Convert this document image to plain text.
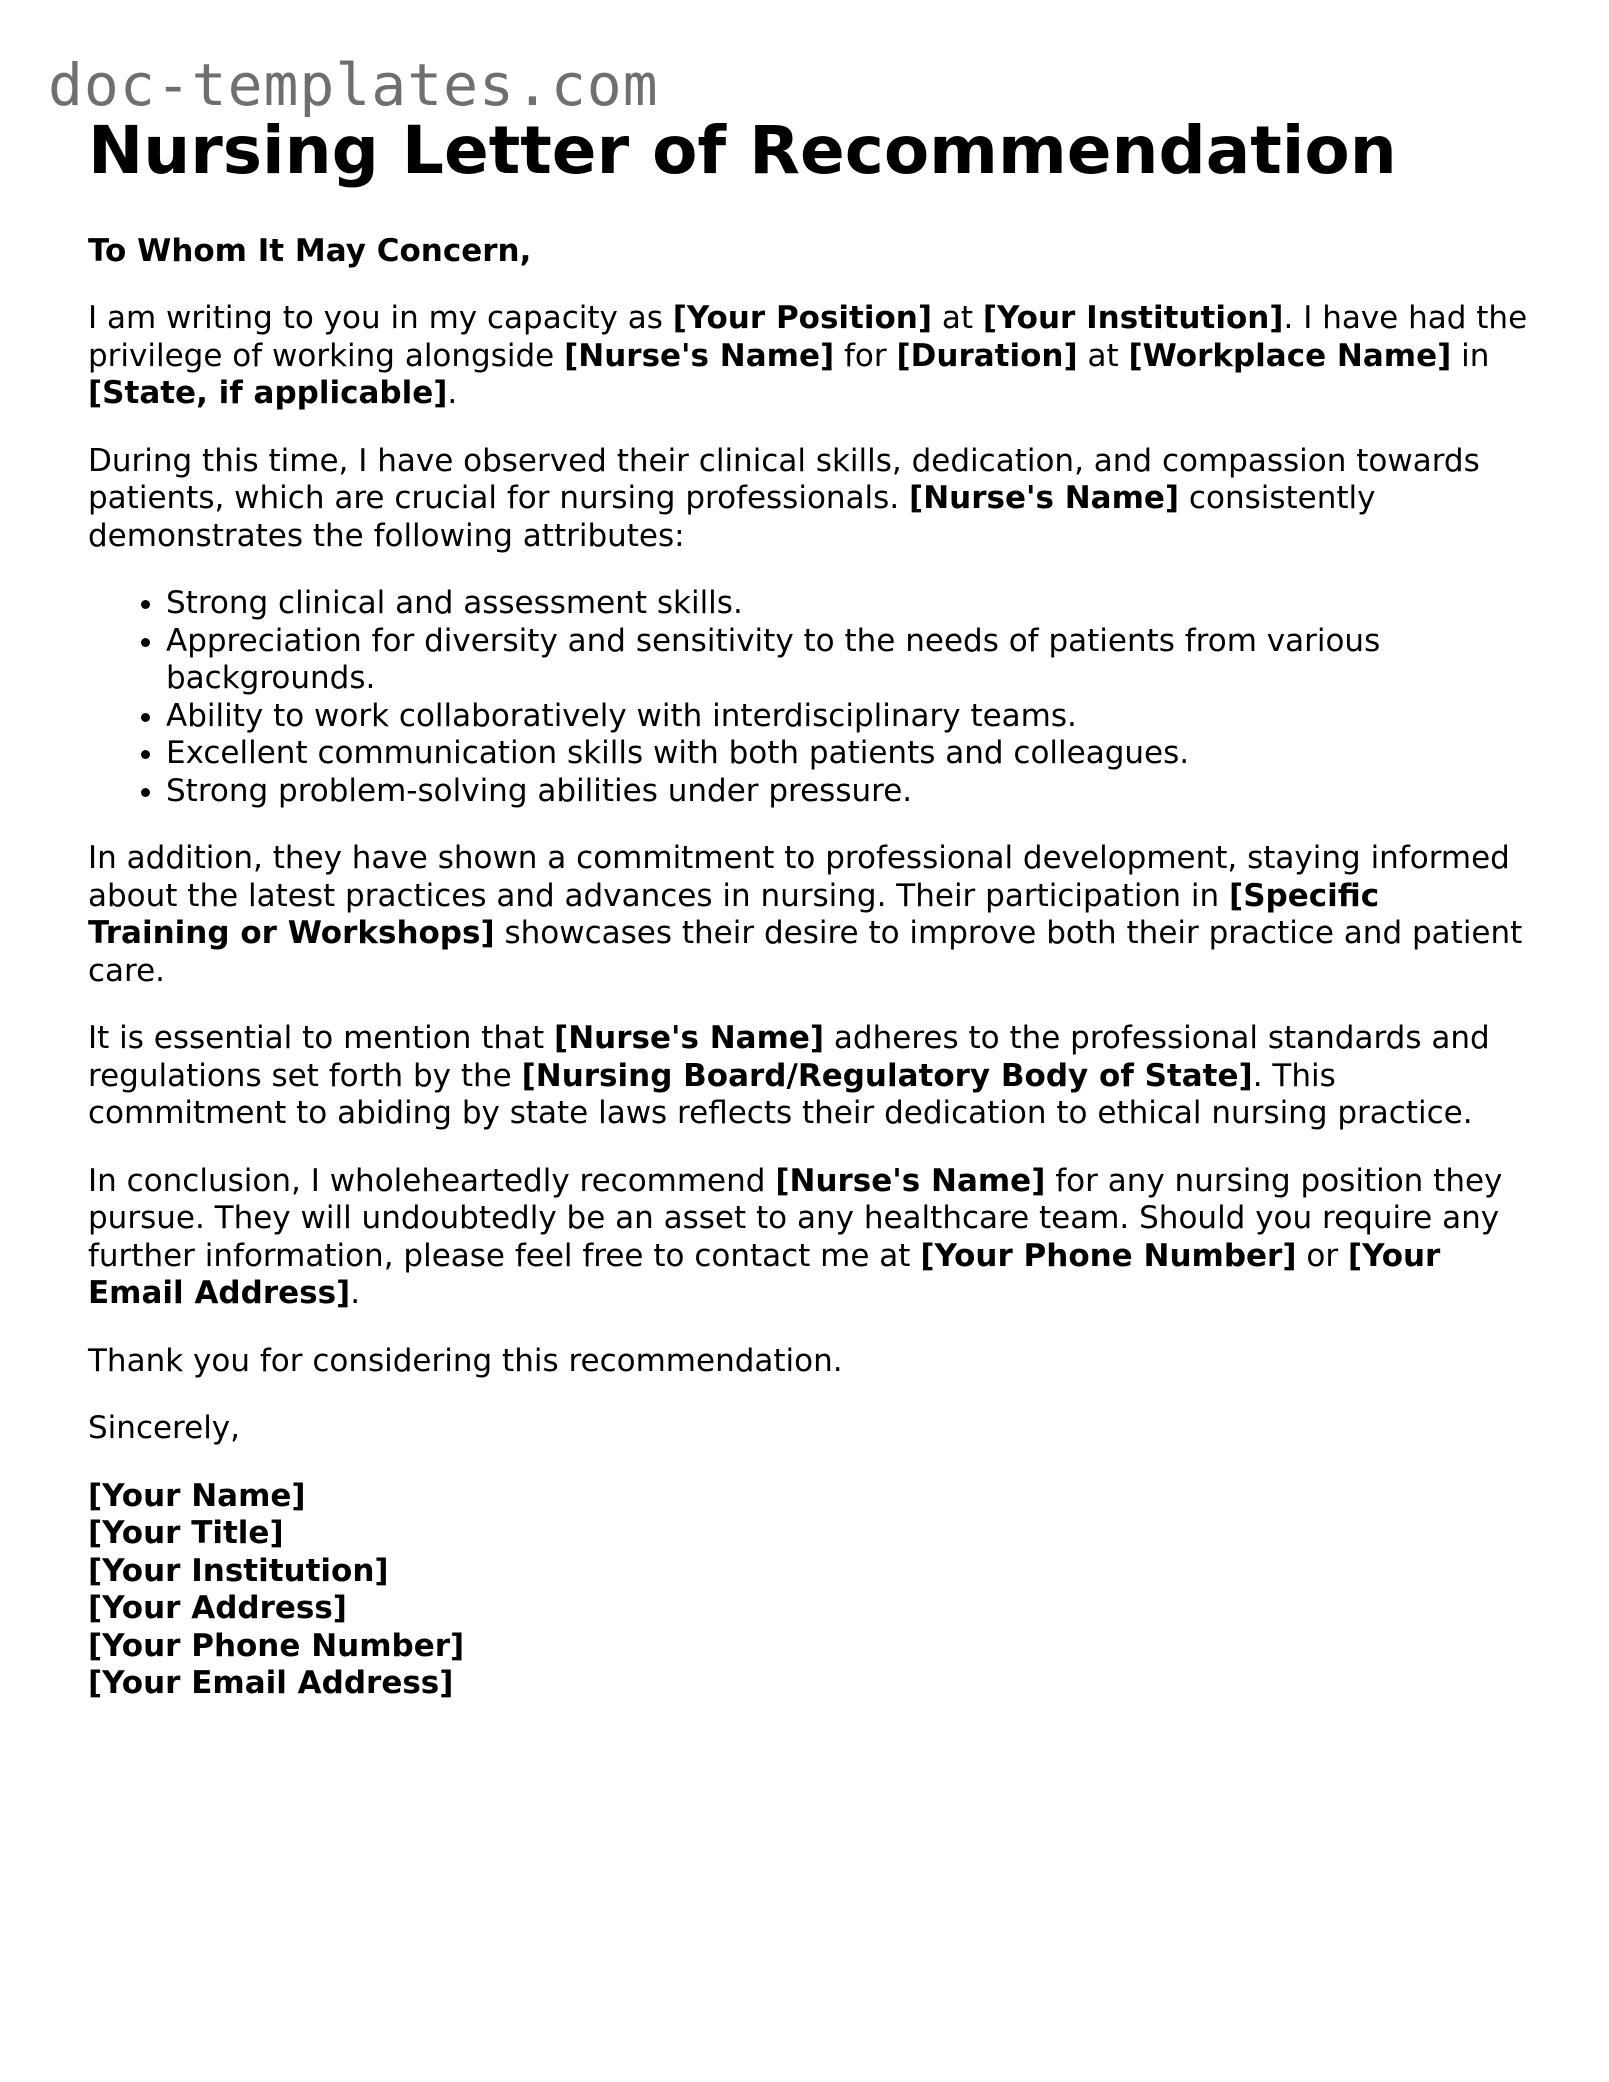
doc-templates.com
Nursing Letter of Recommendation
To Whom It May Concern,

I am writing to you in my capacity as [Your Position] at [Your Institution]. I have had the privilege of working alongside [Nurse's Name] for [Duration] at [Workplace Name] in [State, if applicable].

During this time, I have observed their clinical skills, dedication, and compassion towards patients, which are crucial for nursing professionals. [Nurse's Name] consistently demonstrates the following attributes:

• Strong clinical and assessment skills.
• Appreciation for diversity and sensitivity to the needs of patients from various backgrounds.
• Ability to work collaboratively with interdisciplinary teams.
• Excellent communication skills with both patients and colleagues.
• Strong problem-solving abilities under pressure.

In addition, they have shown a commitment to professional development, staying informed about the latest practices and advances in nursing. Their participation in [Specific Training or Workshops] showcases their desire to improve both their practice and patient care.

It is essential to mention that [Nurse's Name] adheres to the professional standards and regulations set forth by the [Nursing Board/Regulatory Body of State]. This commitment to abiding by state laws reflects their dedication to ethical nursing practice.

In conclusion, I wholeheartedly recommend [Nurse's Name] for any nursing position they pursue. They will undoubtedly be an asset to any healthcare team. Should you require any further information, please feel free to contact me at [Your Phone Number] or [Your Email Address].

Thank you for considering this recommendation.

Sincerely,

[Your Name]
[Your Title]
[Your Institution]
[Your Address]
[Your Phone Number]
[Your Email Address]
